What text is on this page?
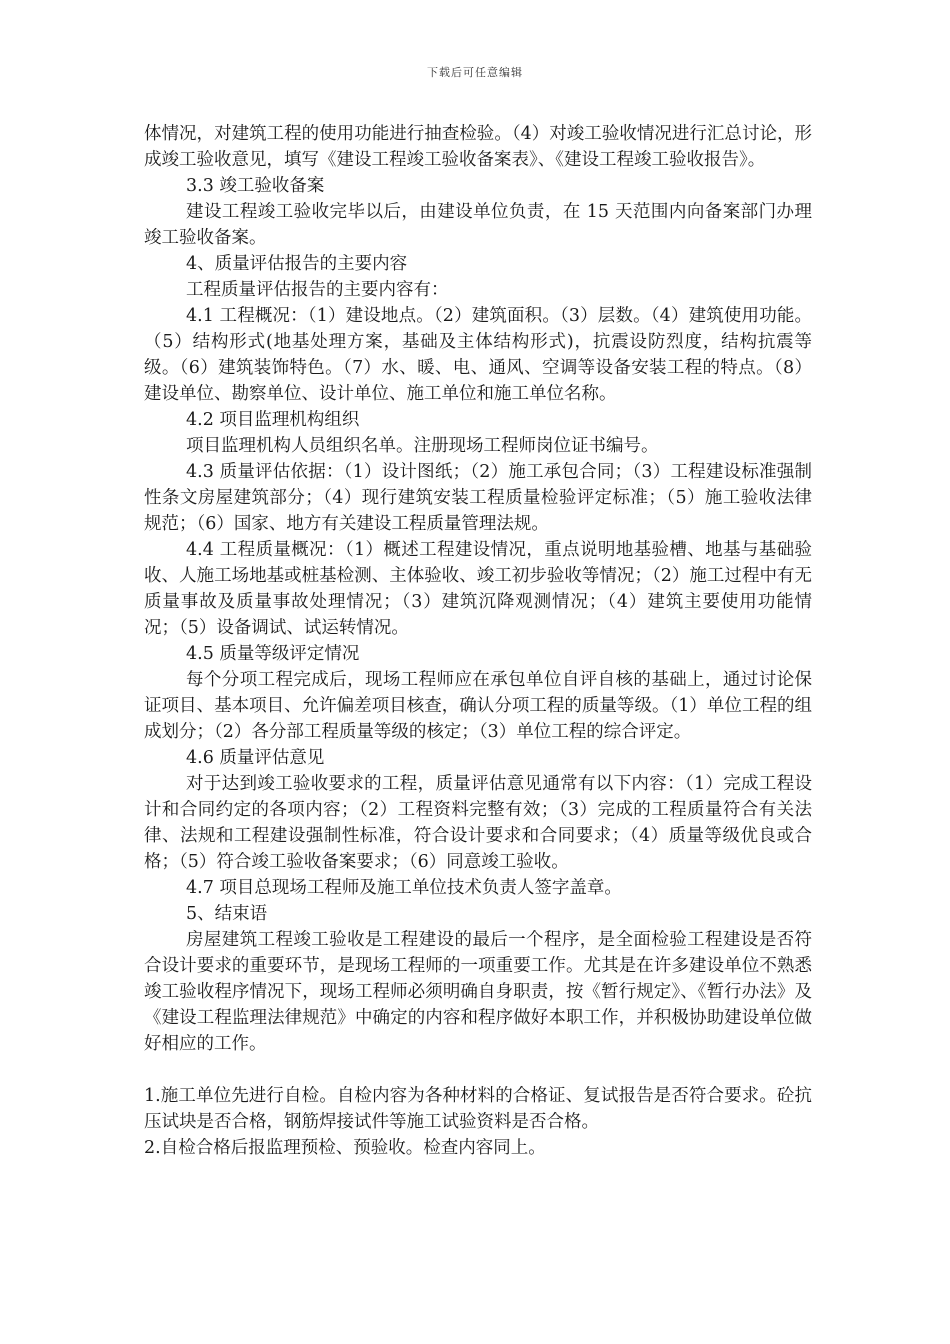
下载后可任意编辑

体情况，对建筑工程的使用功能进行抽查检验。（4）对竣工验收情况进行汇总讨论，形成竣工验收意见，填写《建设工程竣工验收备案表》、《建设工程竣工验收报告》。

3.3 竣工验收备案

建设工程竣工验收完毕以后，由建设单位负责，在 15 天范围内向备案部门办理竣工验收备案。

4、质量评估报告的主要内容

工程质量评估报告的主要内容有：

4.1 工程概况：（1）建设地点。（2）建筑面积。（3）层数。（4）建筑使用功能。（5）结构形式(地基处理方案，基础及主体结构形式)，抗震设防烈度，结构抗震等级。（6）建筑装饰特色。（7）水、暖、电、通风、空调等设备安装工程的特点。（8）建设单位、勘察单位、设计单位、施工单位和施工单位名称。

4.2 项目监理机构组织

项目监理机构人员组织名单。注册现场工程师岗位证书编号。

4.3 质量评估依据：（1）设计图纸；（2）施工承包合同；（3）工程建设标准强制性条文房屋建筑部分；（4）现行建筑安装工程质量检验评定标准；（5）施工验收法律规范；（6）国家、地方有关建设工程质量管理法规。

4.4 工程质量概况：（1）概述工程建设情况，重点说明地基验槽、地基与基础验收、人施工场地基或桩基检测、主体验收、竣工初步验收等情况；（2）施工过程中有无质量事故及质量事故处理情况；（3）建筑沉降观测情况；（4）建筑主要使用功能情况；（5）设备调试、试运转情况。

4.5 质量等级评定情况

每个分项工程完成后，现场工程师应在承包单位自评自核的基础上，通过讨论保证项目、基本项目、允许偏差项目核查，确认分项工程的质量等级。（1）单位工程的组成划分；（2）各分部工程质量等级的核定；（3）单位工程的综合评定。

4.6 质量评估意见

对于达到竣工验收要求的工程，质量评估意见通常有以下内容：（1）完成工程设计和合同约定的各项内容；（2）工程资料完整有效；（3）完成的工程质量符合有关法律、法规和工程建设强制性标准，符合设计要求和合同要求；（4）质量等级优良或合格；（5）符合竣工验收备案要求；（6）同意竣工验收。

4.7 项目总现场工程师及施工单位技术负责人签字盖章。

5、结束语

房屋建筑工程竣工验收是工程建设的最后一个程序，是全面检验工程建设是否符合设计要求的重要环节，是现场工程师的一项重要工作。尤其是在许多建设单位不熟悉竣工验收程序情况下，现场工程师必须明确自身职责，按《暂行规定》、《暂行办法》及《建设工程监理法律规范》中确定的内容和程序做好本职工作，并积极协助建设单位做好相应的工作。

1.施工单位先进行自检。自检内容为各种材料的合格证、复试报告是否符合要求。砼抗压试块是否合格，钢筋焊接试件等施工试验资料是否合格。

2.自检合格后报监理预检、预验收。检查内容同上。
